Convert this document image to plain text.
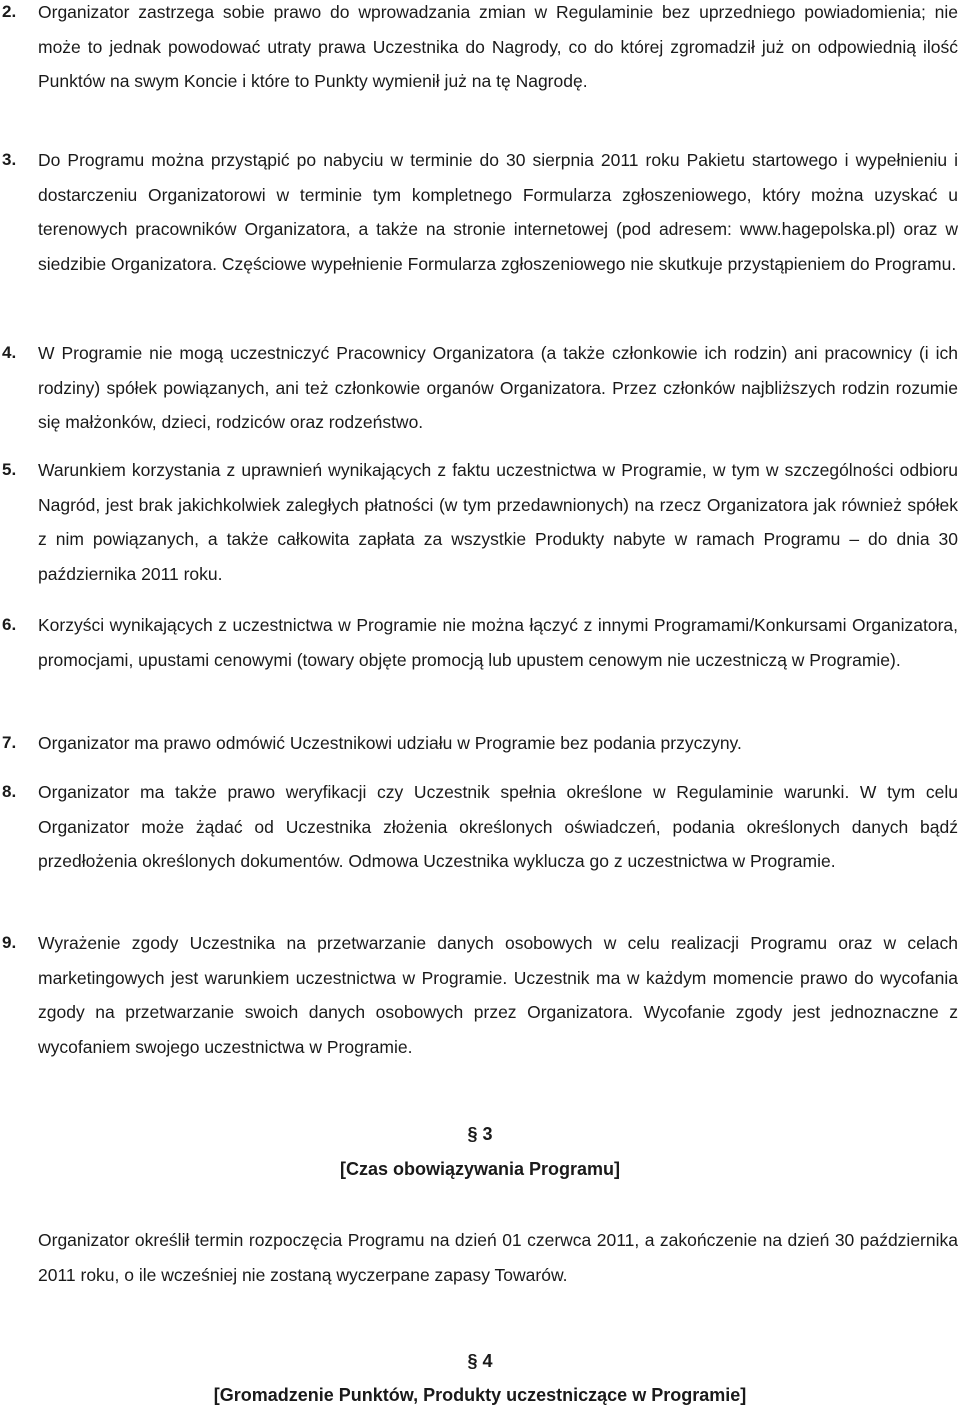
2. Organizator zastrzega sobie prawo do wprowadzania zmian w Regulaminie bez uprzedniego powiadomienia; nie może to jednak powodować utraty prawa Uczestnika do Nagrody, co do której zgromadził już on odpowiednią ilość Punktów na swym Koncie i które to Punkty wymienił już na tę Nagrodę.

3. Do Programu można przystąpić po nabyciu w terminie do 30 sierpnia 2011 roku Pakietu startowego i wypełnieniu i dostarczeniu Organizatorowi w terminie tym kompletnego Formularza zgłoszeniowego, który można uzyskać u terenowych pracowników Organizatora, a także na stronie internetowej (pod adresem: www.hagepolska.pl) oraz w siedzibie Organizatora. Częściowe wypełnienie Formularza zgłoszeniowego nie skutkuje przystąpieniem do Programu.

4. W Programie nie mogą uczestniczyć Pracownicy Organizatora (a także członkowie ich rodzin) ani pracownicy (i ich rodziny) spółek powiązanych, ani też członkowie organów Organizatora. Przez członków najbliższych rodzin rozumie się małżonków, dzieci, rodziców oraz rodzeństwo.

5. Warunkiem korzystania z uprawnień wynikających z faktu uczestnictwa w Programie, w tym w szczególności odbioru Nagród, jest brak jakichkolwiek zaległych płatności (w tym przedawnionych) na rzecz Organizatora jak również spółek z nim powiązanych, a także całkowita zapłata za wszystkie Produkty nabyte w ramach Programu – do dnia 30 października 2011 roku.

6. Korzyści wynikających z uczestnictwa w Programie nie można łączyć z innymi Programami/Konkursami Organizatora, promocjami, upustami cenowymi (towary objęte promocją lub upustem cenowym nie uczestniczą w Programie).

7. Organizator ma prawo odmówić Uczestnikowi udziału w Programie bez podania przyczyny.

8. Organizator ma także prawo weryfikacji czy Uczestnik spełnia określone w Regulaminie warunki. W tym celu Organizator może żądać od Uczestnika złożenia określonych oświadczeń, podania określonych danych bądź przedłożenia określonych dokumentów. Odmowa Uczestnika wyklucza go z uczestnictwa w Programie.

9. Wyrażenie zgody Uczestnika na przetwarzanie danych osobowych w celu realizacji Programu oraz w celach marketingowych jest warunkiem uczestnictwa w Programie. Uczestnik ma w każdym momencie prawo do wycofania zgody na przetwarzanie swoich danych osobowych przez Organizatora. Wycofanie zgody jest jednoznaczne z wycofaniem swojego uczestnictwa w Programie.

§ 3
[Czas obowiązywania Programu]

Organizator określił termin rozpoczęcia Programu na dzień 01 czerwca 2011, a zakończenie na dzień 30 października 2011 roku, o ile wcześniej nie zostaną wyczerpane zapasy Towarów.

§ 4
[Gromadzenie Punktów, Produkty uczestniczące w Programie]
